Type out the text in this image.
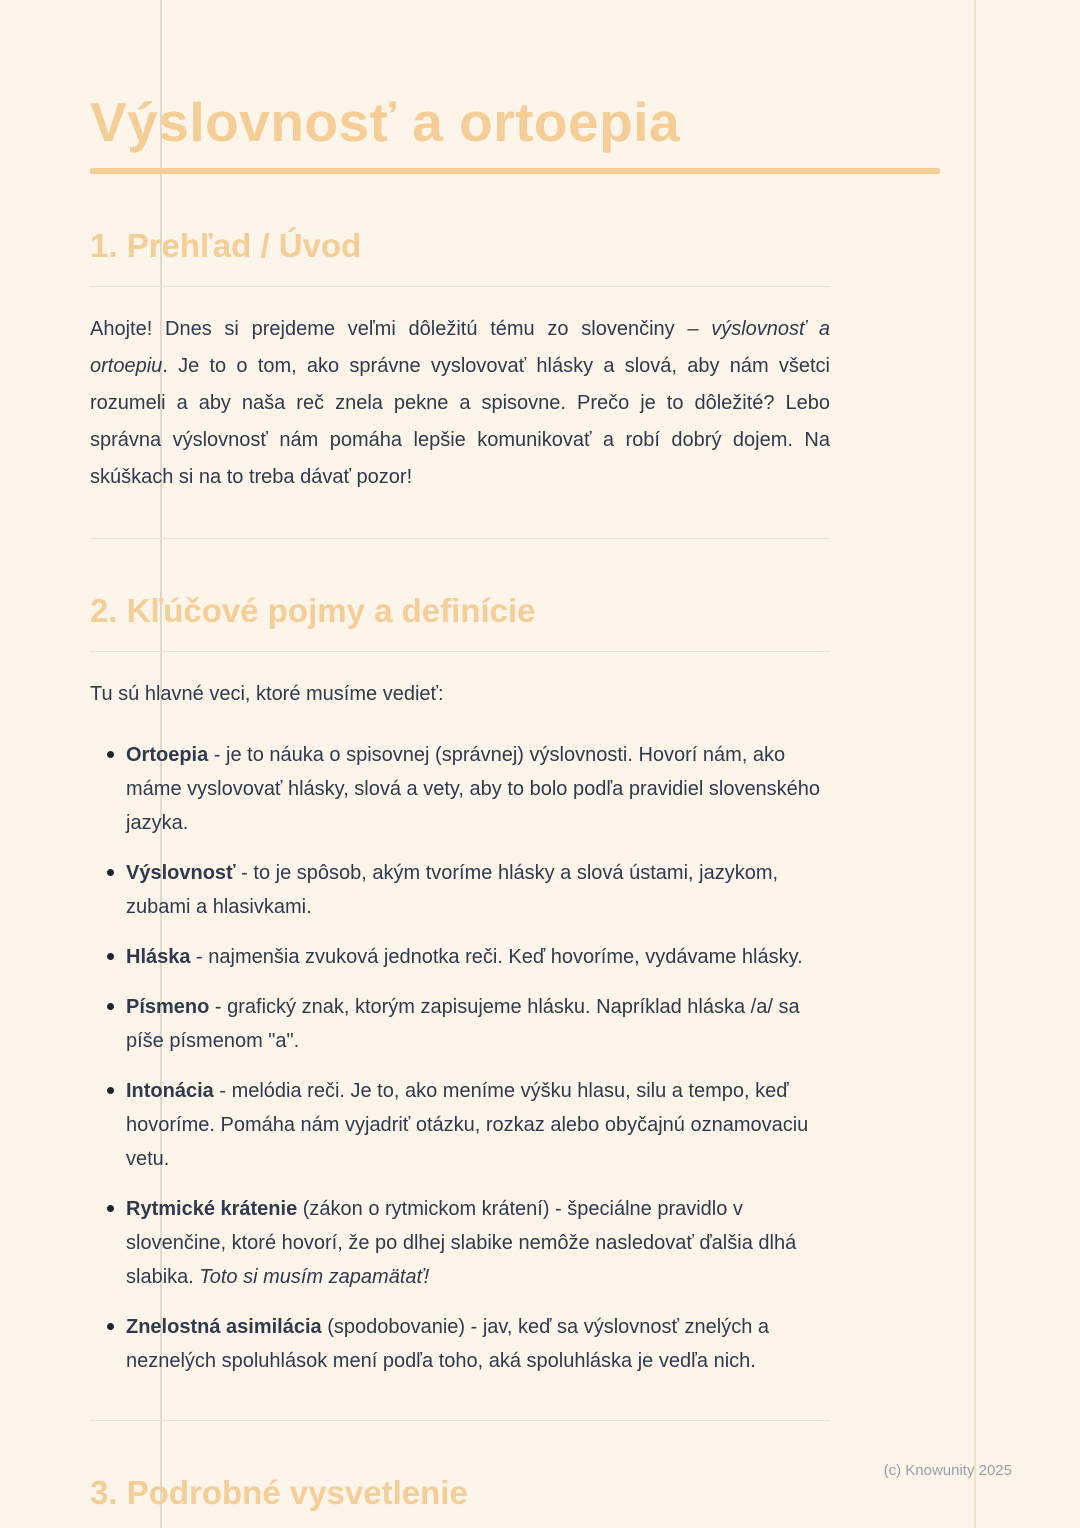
Výslovnosť a ortoepia
1. Prehľad / Úvod

Ahojte! Dnes si prejdeme veľmi dôležitú tému zo slovenčiny – výslovnosť a ortoepiu. Je to o tom, ako správne vyslovovať hlásky a slová, aby nám všetci rozumeli a aby naša reč znela pekne a spisovne. Prečo je to dôležité? Lebo správna výslovnosť nám pomáha lepšie komunikovať a robí dobrý dojem. Na skúškach si na to treba dávať pozor!

2. Kľúčové pojmy a definície

Tu sú hlavné veci, ktoré musíme vedieť:

Ortoepia - je to náuka o spisovnej (správnej) výslovnosti. Hovorí nám, ako máme vyslovovať hlásky, slová a vety, aby to bolo podľa pravidiel slovenského jazyka.
Výslovnosť - to je spôsob, akým tvoríme hlásky a slová ústami, jazykom, zubami a hlasivkami.
Hláska - najmenšia zvuková jednotka reči. Keď hovoríme, vydávame hlásky.
Písmeno - grafický znak, ktorým zapisujeme hlásku. Napríklad hláska /a/ sa píše písmenom "a".
Intonácia - melódia reči. Je to, ako meníme výšku hlasu, silu a tempo, keď hovoríme. Pomáha nám vyjadriť otázku, rozkaz alebo obyčajnú oznamovaciu vetu.
Rytmické krátenie (zákon o rytmickom krátení) - špeciálne pravidlo v slovenčine, ktoré hovorí, že po dlhej slabike nemôže nasledovať ďalšia dlhá slabika. Toto si musím zapamätať!
Znelostná asimilácia (spodobovanie) - jav, keď sa výslovnosť znelých a neznelých spoluhlások mení podľa toho, aká spoluhláska je vedľa nich.
3. Podrobné vysvetlenie
(c) Knowunity 2025
